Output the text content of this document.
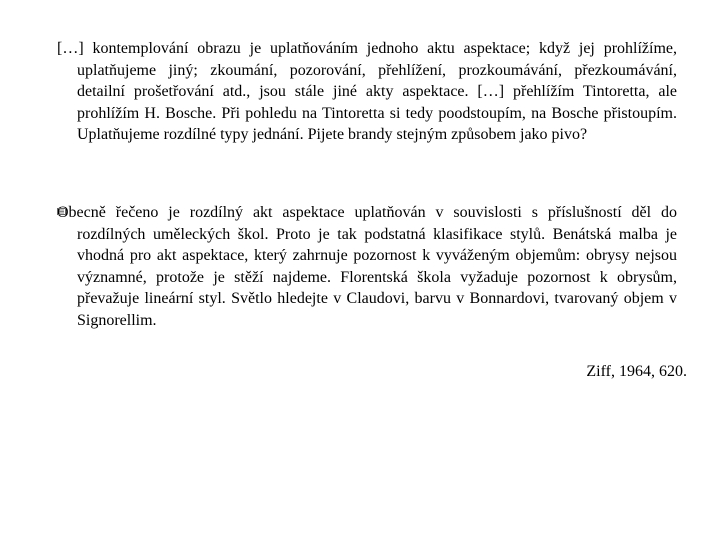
[…] kontemplování obrazu je uplatňováním jednoho aktu aspektace; když jej prohlížíme, uplatňujeme jiný; zkoumání, pozorování, přehlížení, prozkoumávání, přezkoumávání, detailní prošetřování atd., jsou stále jiné akty aspektace. […] přehlížím Tintoretta, ale prohlížím H. Bosche. Při pohledu na Tintoretta si tedy poodstoupím, na Bosche přistoupím. Uplatňujeme rozdílné typy jednání. Pijete brandy stejným způsobem jako pivo?
Obecně řečeno je rozdílný akt aspektace uplatňován v souvislosti s příslušností děl do rozdílných uměleckých škol. Proto je tak podstatná klasifikace stylů. Benátská malba je vhodná pro akt aspektace, který zahrnuje pozornost k vyváženým objemům: obrysy nejsou významné, protože je stěží najdeme. Florentská škola vyžaduje pozornost k obrysům, převažuje lineární styl. Světlo hledejte v Claudovi, barvu v Bonnardovi, tvarovaný objem v Signorellim.
Ziff, 1964, 620.
